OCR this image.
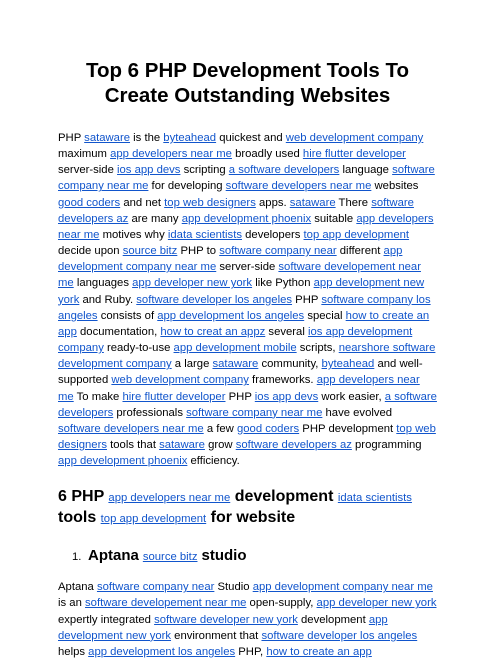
Top 6 PHP Development Tools To Create Outstanding Websites

PHP sataware is the byteahead quickest and web development company maximum app developers near me broadly used hire flutter developer server-side ios app devs scripting a software developers language software company near me for developing software developers near me websites good coders and net top web designers apps. sataware There software developers az are many app development phoenix suitable app developers near me motives why idata scientists developers top app development decide upon source bitz PHP to software company near different app development company near me server-side software developement near me languages app developer new york like Python app development new york and Ruby. software developer los angeles PHP software company los angeles consists of app development los angeles special how to create an app documentation, how to creat an appz several ios app development company ready-to-use app development mobile scripts, nearshore software development company a large sataware community, byteahead and well-supported web development company frameworks. app developers near me To make hire flutter developer PHP ios app devs work easier, a software developers professionals software company near me have evolved software developers near me a few good coders PHP development top web designers tools that sataware grow software developers az programming app development phoenix efficiency.

6 PHP app developers near me development idata scientists tools top app development for website
1. Aptana source bitz studio

Aptana software company near Studio app development company near me is an software developement near me open-supply, app developer new york expertly integrated software developer new york development app development new york environment that software developer los angeles helps app development los angeles PHP, how to create an app
